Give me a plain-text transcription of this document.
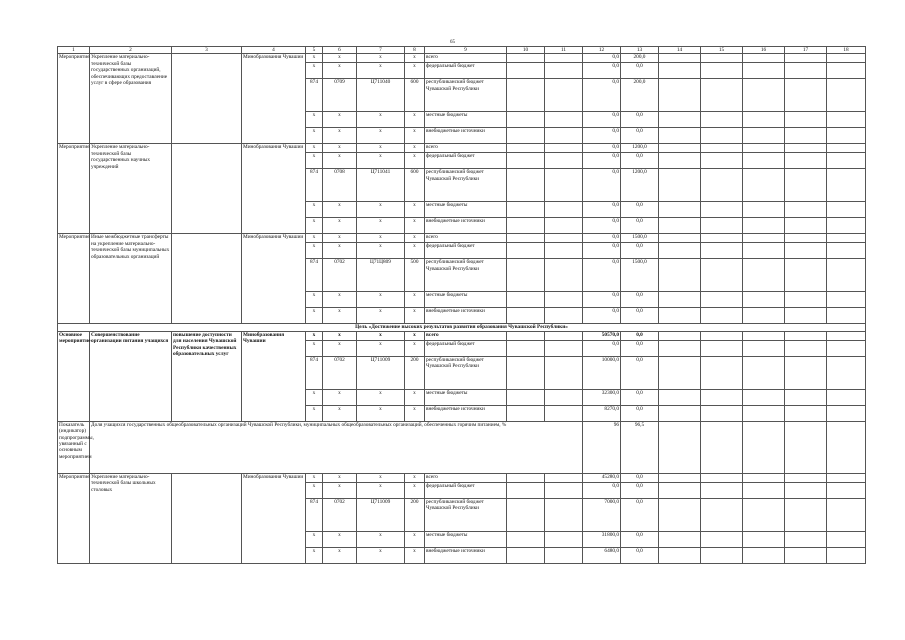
65
1	2	3	4	5	6	7	8	9	10	11	12	13	14	15	16	17	18
Мероприятие	Укрепление материально-технической базы государственных организаций, обеспечивающих предоставление услуг в сфере образования		Минобразования Чувашии	x	x	x	x	всего			0,0	200,0					
				x	x	x	x	федеральный бюджет			0,0	0,0					
				874	0709	Ц711040	600	республиканский бюджет Чувашской Республики			0,0	200,0					
				x	x	x	x	местные бюджеты			0,0	0,0					
				x	x	x	x	внебюджетные источники			0,0	0,0					
Мероприятие	Укрепление материально-технической базы государственных научных учреждений		Минобразования Чувашии	x	x	x	x	всего			0,0	1200,0					
				x	x	x	x	федеральный бюджет			0,0	0,0					
				874	0708	Ц711041	600	республиканский бюджет Чувашской Республики			0,0	1200,0					
				x	x	x	x	местные бюджеты			0,0	0,0					
				x	x	x	x	внебюджетные источники			0,0	0,0					
Мероприятие	Иные межбюджетные трансферты на укрепление материально-технической базы муниципальных образовательных организаций		Минобразования Чувашии	x	x	x	x	всего			0,0	1500,0					
				x	x	x	x	федеральный бюджет			0,0	0,0					
				874	0702	Ц71Ц809	500	республиканский бюджет Чувашской Республики			0,0	1500,0					
				x	x	x	x	местные бюджеты			0,0	0,0					
				x	x	x	x	внебюджетные источники			0,0	0,0					
Цель «Достижение высоких результатов развития образования Чувашской Республики»																	
Основное мероприятие	Совершенствование организации питания учащихся	повышение доступности для населения Чувашской Республики качественных образовательных услуг	Минобразования Чувашии	x	x	x	x	всего			50570,0	0,0					
				x	x	x	x	федеральный бюджет			0,0	0,0					
				874	0702	Ц711009	200	республиканский бюджет Чувашской Республики			10000,0	0,0					
				x	x	x	x	местные бюджеты			32300,0	0,0					
				x	x	x	x	внебюджетные источники			8270,0	0,0					
Показатель (индикатор) подпрограммы, увязанный с основным мероприятием	Доля учащихся государственных общеобразовательных организаций Чувашской Республики, муниципальных общеобразовательных организаций, обеспеченных горячим питанием, %										96	96,5					
Мероприятие	Укрепление материально-технической базы школьных столовых		Минобразования Чувашии	x	x	x	x	всего			45280,0	0,0					
				x	x	x	x	федеральный бюджет			0,0	0,0					
				874	0702	Ц711009	200	республиканский бюджет Чувашской Республики			7000,0	0,0					
				x	x	x	x	местные бюджеты			31800,0	0,0					
				x	x	x	x	внебюджетные источники			6480,0	0,0					
